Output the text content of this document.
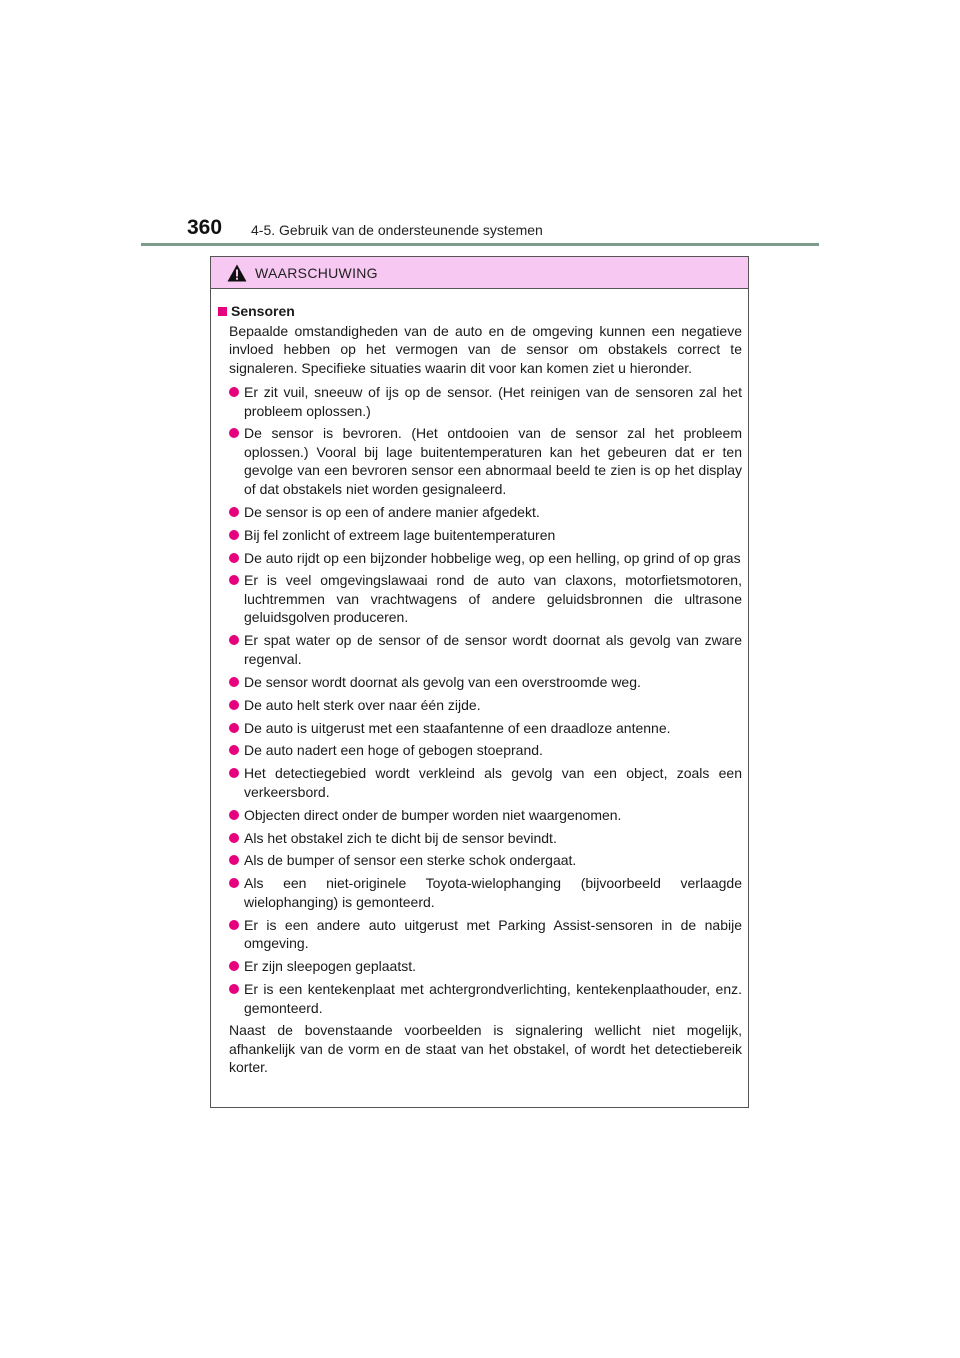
360 4-5. Gebruik van de ondersteunende systemen
WAARSCHUWING
Sensoren

Bepaalde omstandigheden van de auto en de omgeving kunnen een negatieve invloed hebben op het vermogen van de sensor om obstakels correct te signaleren. Specifieke situaties waarin dit voor kan komen ziet u hieronder.

Er zit vuil, sneeuw of ijs op de sensor. (Het reinigen van de sensoren zal het probleem oplossen.)
De sensor is bevroren. (Het ontdooien van de sensor zal het probleem oplossen.) Vooral bij lage buitentemperaturen kan het gebeuren dat er ten gevolge van een bevroren sensor een abnormaal beeld te zien is op het display of dat obstakels niet worden gesignaleerd.
De sensor is op een of andere manier afgedekt.
Bij fel zonlicht of extreem lage buitentemperaturen
De auto rijdt op een bijzonder hobbelige weg, op een helling, op grind of op gras
Er is veel omgevingslawaai rond de auto van claxons, motorfietsmotoren, luchtremmen van vrachtwagens of andere geluidsbronnen die ultrasone geluidsgolven produceren.
Er spat water op de sensor of de sensor wordt doornat als gevolg van zware regenval.
De sensor wordt doornat als gevolg van een overstroomde weg.
De auto helt sterk over naar één zijde.
De auto is uitgerust met een staafantenne of een draadloze antenne.
De auto nadert een hoge of gebogen stoeprand.
Het detectiegebied wordt verkleind als gevolg van een object, zoals een verkeersbord.
Objecten direct onder de bumper worden niet waargenomen.
Als het obstakel zich te dicht bij de sensor bevindt.
Als de bumper of sensor een sterke schok ondergaat.
Als een niet-originele Toyota-wielophanging (bijvoorbeeld verlaagde wielophanging) is gemonteerd.
Er is een andere auto uitgerust met Parking Assist-sensoren in de nabije omgeving.
Er zijn sleepogen geplaatst.
Er is een kentekenplaat met achtergrondverlichting, kentekenplaathouder, enz. gemonteerd.

Naast de bovenstaande voorbeelden is signalering wellicht niet mogelijk, afhankelijk van de vorm en de staat van het obstakel, of wordt het detectiebereik korter.
